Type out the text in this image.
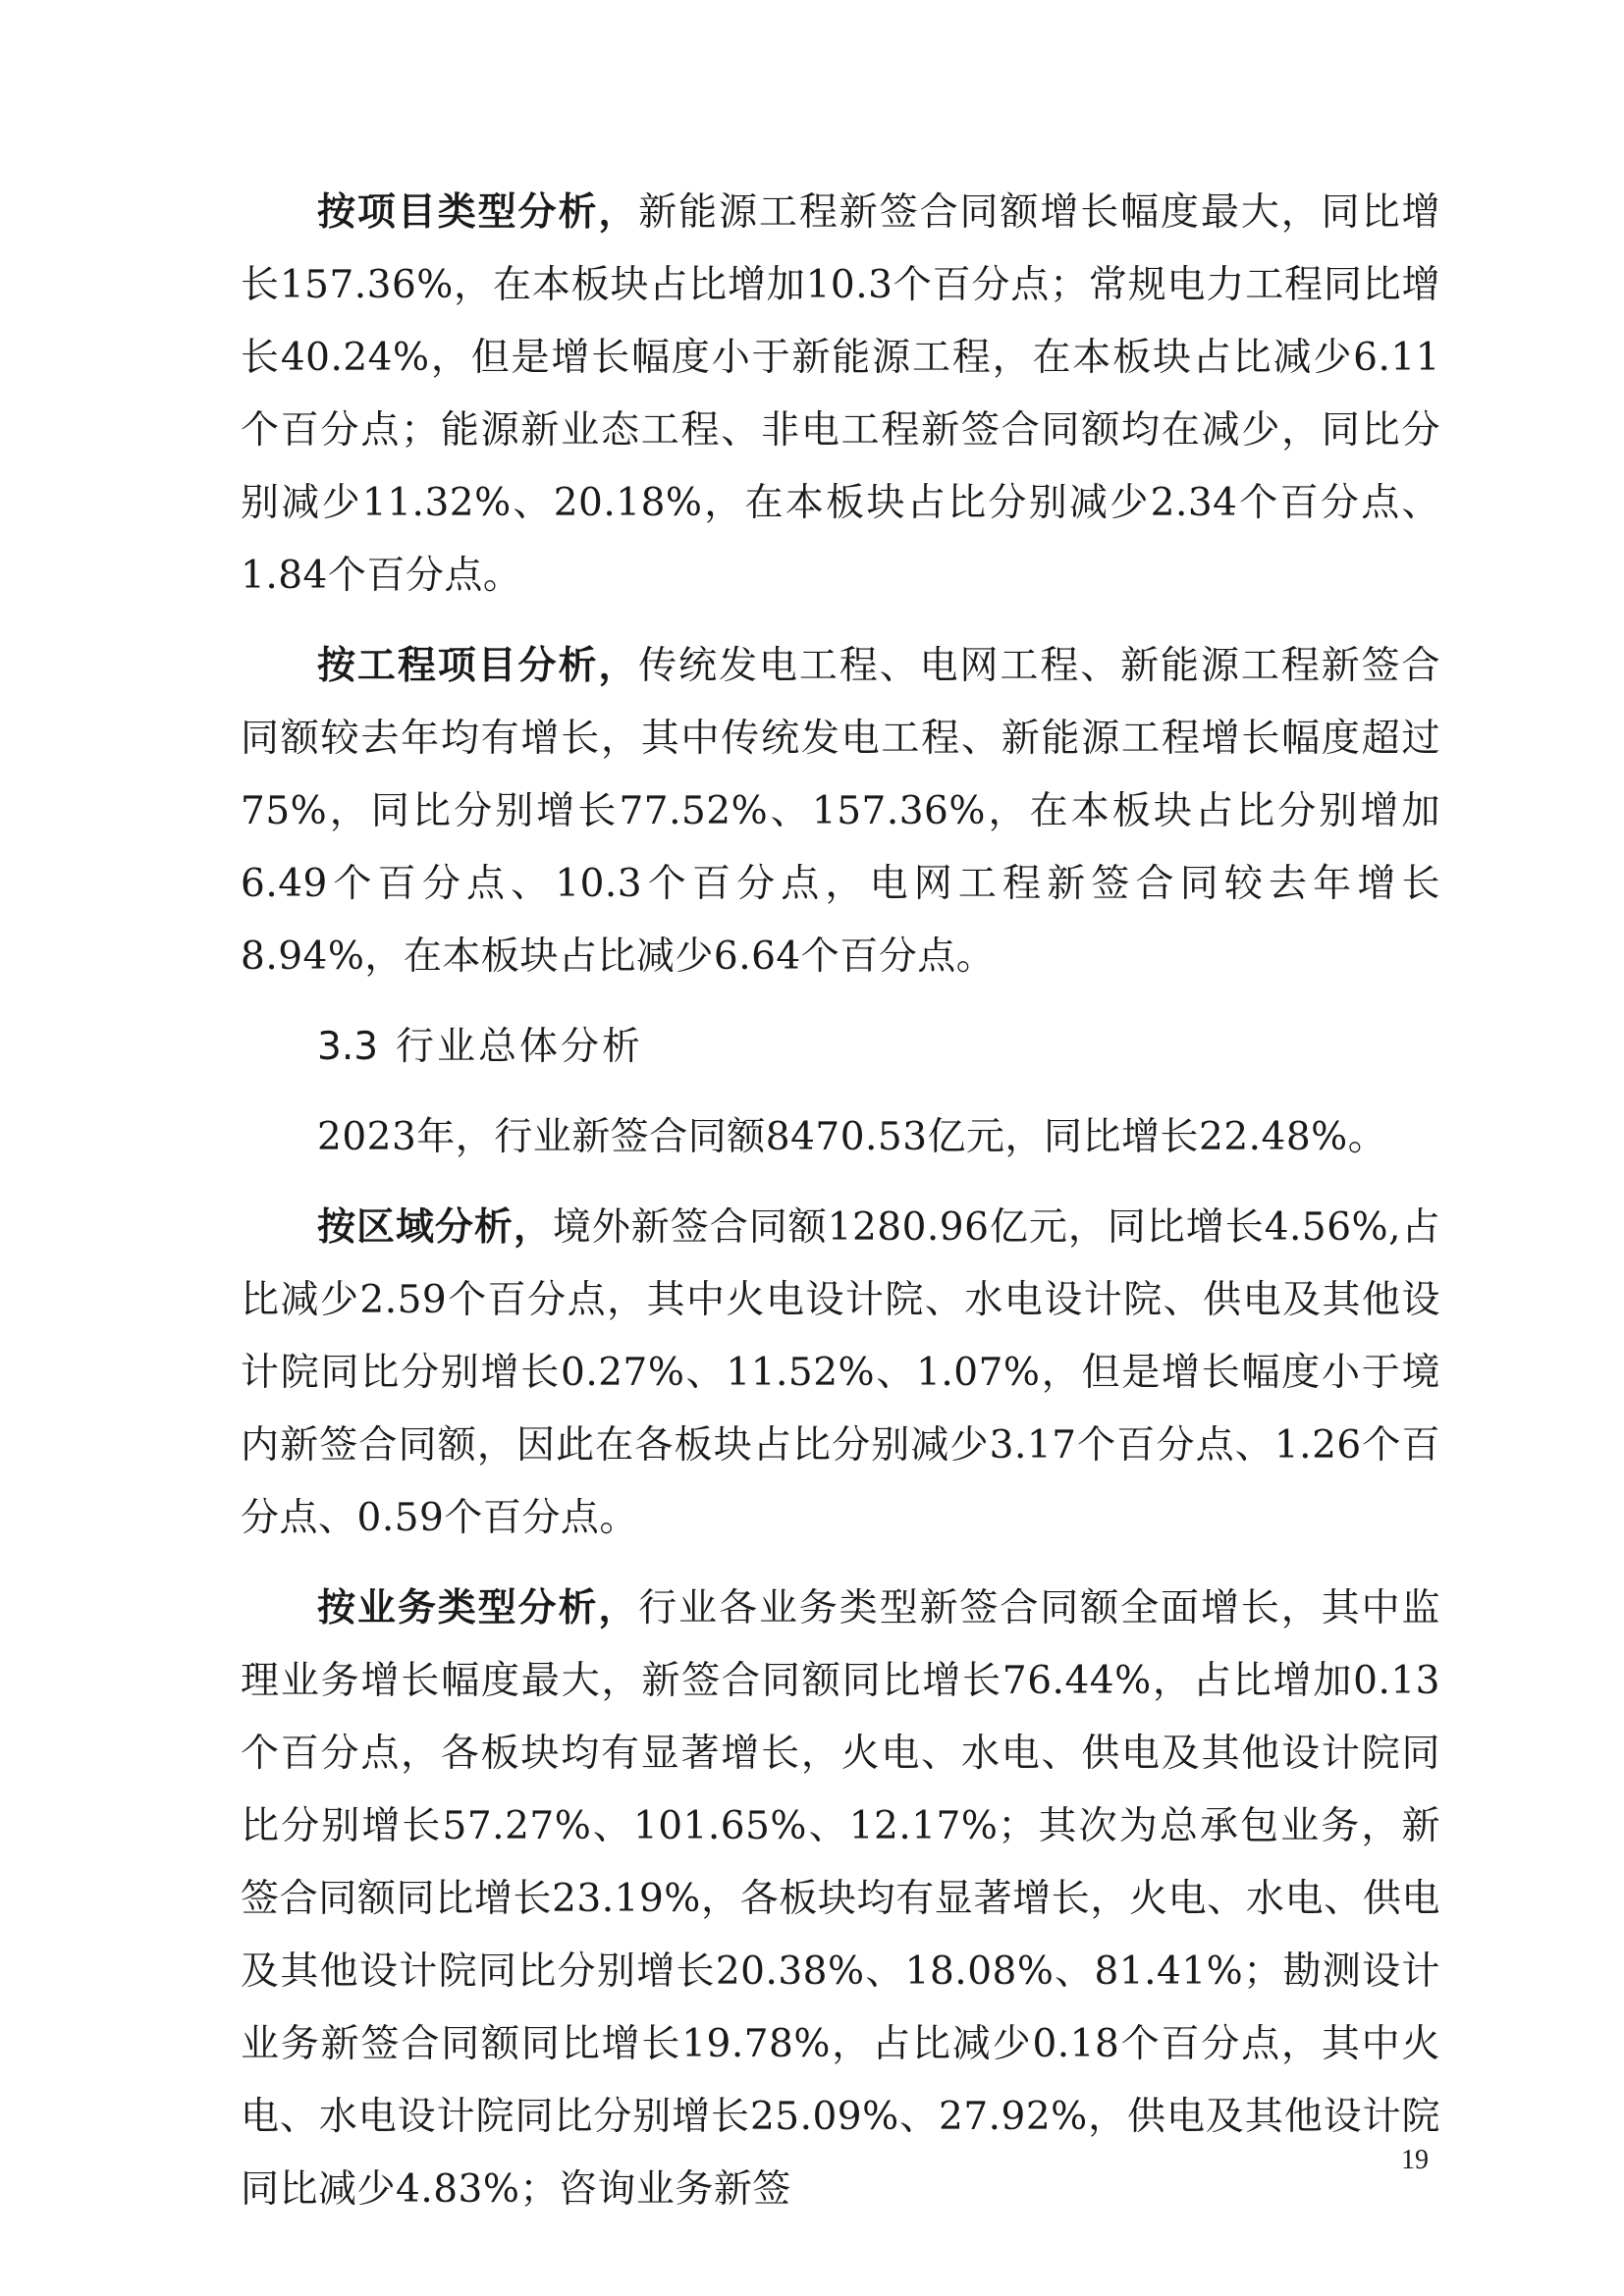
按项目类型分析，新能源工程新签合同额增长幅度最大，同比增长157.36%，在本板块占比增加10.3个百分点；常规电力工程同比增长40.24%，但是增长幅度小于新能源工程，在本板块占比减少6.11个百分点；能源新业态工程、非电工程新签合同额均在减少，同比分别减少11.32%、20.18%，在本板块占比分别减少2.34个百分点、1.84个百分点。

按工程项目分析，传统发电工程、电网工程、新能源工程新签合同额较去年均有增长，其中传统发电工程、新能源工程增长幅度超过75%，同比分别增长77.52%、157.36%，在本板块占比分别增加6.49个百分点、10.3个百分点，电网工程新签合同较去年增长8.94%，在本板块占比减少6.64个百分点。

3.3 行业总体分析

2023年，行业新签合同额8470.53亿元，同比增长22.48%。

按区域分析，境外新签合同额1280.96亿元，同比增长4.56%,占比减少2.59个百分点，其中火电设计院、水电设计院、供电及其他设计院同比分别增长0.27%、11.52%、1.07%，但是增长幅度小于境内新签合同额，因此在各板块占比分别减少3.17个百分点、1.26个百分点、0.59个百分点。

按业务类型分析，行业各业务类型新签合同额全面增长，其中监理业务增长幅度最大，新签合同额同比增长76.44%，占比增加0.13个百分点，各板块均有显著增长，火电、水电、供电及其他设计院同比分别增长57.27%、101.65%、12.17%；其次为总承包业务，新签合同额同比增长23.19%，各板块均有显著增长，火电、水电、供电及其他设计院同比分别增长20.38%、18.08%、81.41%；勘测设计业务新签合同额同比增长19.78%，占比减少0.18个百分点，其中火电、水电设计院同比分别增长25.09%、27.92%，供电及其他设计院同比减少4.83%；咨询业务新签

19
